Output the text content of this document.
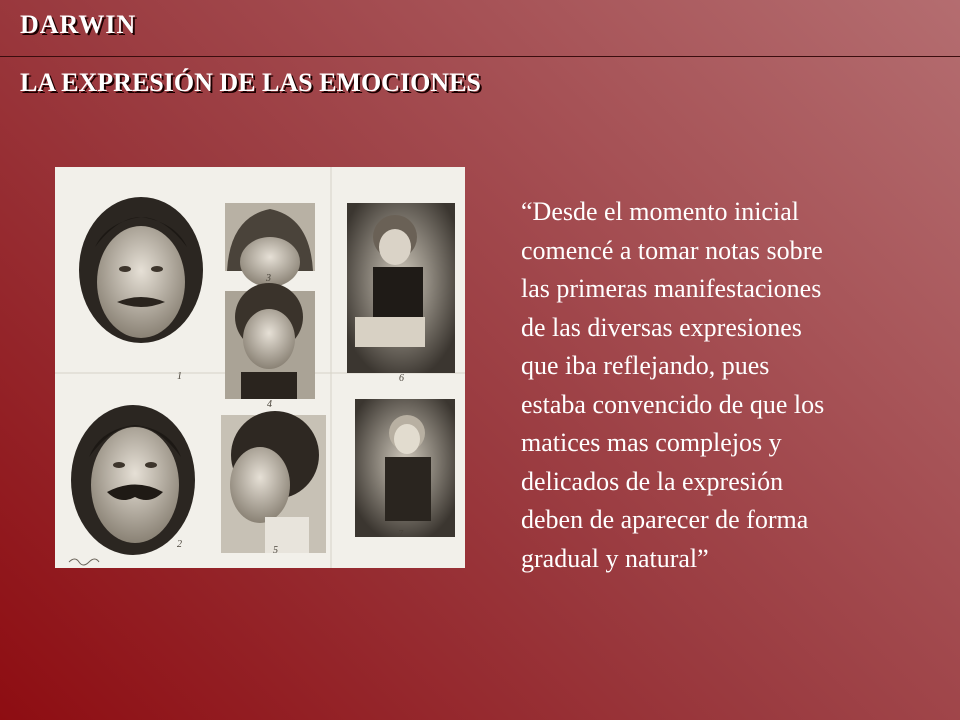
DARWIN
LA EXPRESIÓN DE LAS EMOCIONES
1
2
3
4
5
6
7
“Desde el momento inicial
comencé a tomar notas sobre
las primeras manifestaciones
de las diversas expresiones
que iba reflejando, pues
estaba convencido de que los
matices mas complejos y
delicados de la expresión
deben de aparecer de forma
gradual y natural”
